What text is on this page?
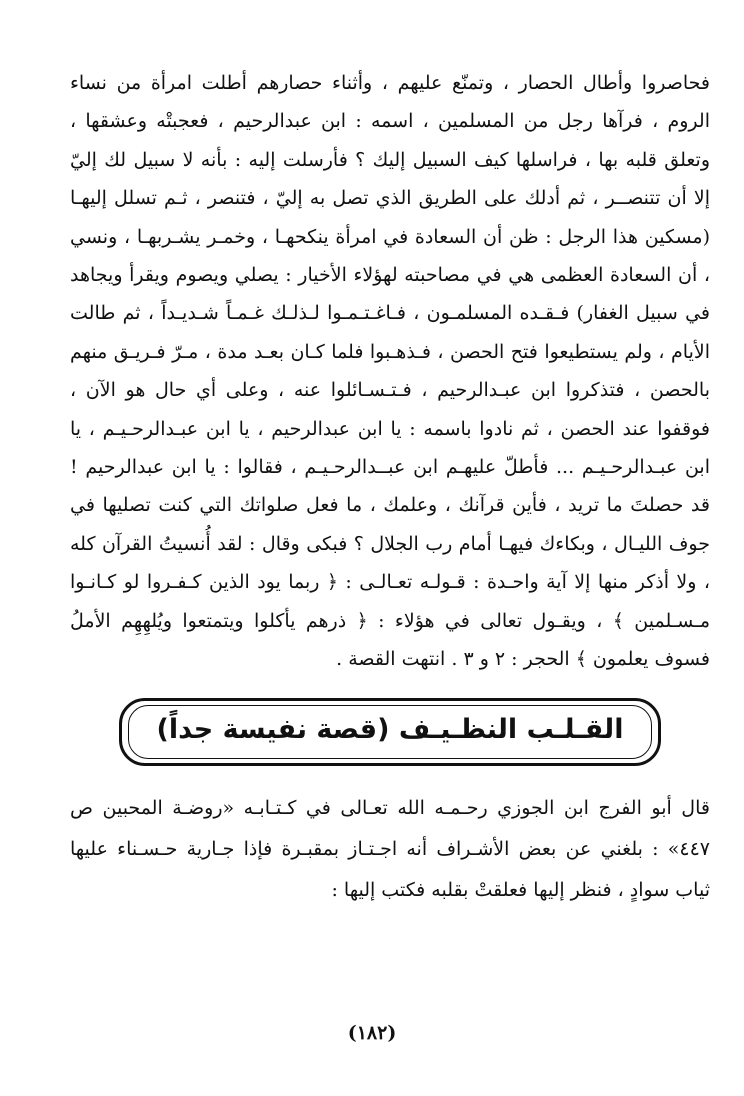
فحاصروا وأطال الحصار ، وتمنّع عليهم ، وأثناء حصارهم أطلت امرأة من نساء الروم ، فرآها رجل من المسلمين ، اسمه : ابن عبدالرحيم ، فعجبتْه وعشقها ، وتعلق قلبه بها ، فراسلها كيف السبيل إليك ؟ فأرسلت إليه : بأنه لا سبيل لك إليّ إلا أن تتنصــر ، ثم أدلك على الطريق الذي تصل به إليّ ، فتنصر ، ثـم تسلل إليهـا (مسكين هذا الرجل : ظن أن السعادة في امرأة ينكحهـا ، وخمـر يشـربهـا ، ونسي ، أن السعادة العظمى هي في مصاحبته لهؤلاء الأخيار : يصلي ويصوم ويقرأ ويجاهد في سبيل الغفار) فـقـده المسلمـون ، فـاغـتـمـوا لـذلـك غـمـاً شـديـداً ، ثم طالت الأيام ، ولم يستطيعوا فتح الحصن ، فـذهـبوا فلما كـان بعـد مدة ، مـرّ فـريـق منهم بالحصن ، فتذكروا ابن عبـدالرحيم ، فـتـسـائلوا عنه ، وعلى أي حال هو الآن ، فوقفوا عند الحصن ، ثم نادوا باسمه : يا ابن عبدالرحيم ، يا ابن عبـدالرحـيـم ، يا ابن عبـدالرحـيـم ... فأطلّ عليهـم ابن عبــدالرحـيـم ، فقالوا : يا ابن عبدالرحيم ! قد حصلتَ ما تريد ، فأين قرآنك ، وعلمك ، ما فعل صلواتك التي كنت تصليها في جوف الليـال ، وبكاءك فيهـا أمام رب الجلال ؟ فبكى وقال : لقد أُنسيتُ القرآن كله ، ولا أذكر منها إلا آية واحـدة : قـولـه تعـالـى : ﴿ ربما يود الذين كـفـروا لو كـانـوا مـسـلمين ﴾ ، ويقـول تعالى في هؤلاء : ﴿ ذرهم يأكلوا ويتمتعوا ويُلهِهِم الأملُ فسوف يعلمون ﴾ الحجر : ٢ و ٣ . انتهت القصة .

القـلـب النظـيـف (قصة نفيسة جداً)

قال أبو الفرج ابن الجوزي رحـمـه الله تعـالى في كـتـابـه «روضـة المحبين ص ٤٤٧» : بلغني عن بعض الأشـراف أنه اجـتـاز بمقبـرة فإذا جـارية حـسـناء عليها ثياب سوادٍ ، فنظر إليها فعلقتْ بقلبه فكتب إليها :

(١٨٢)
